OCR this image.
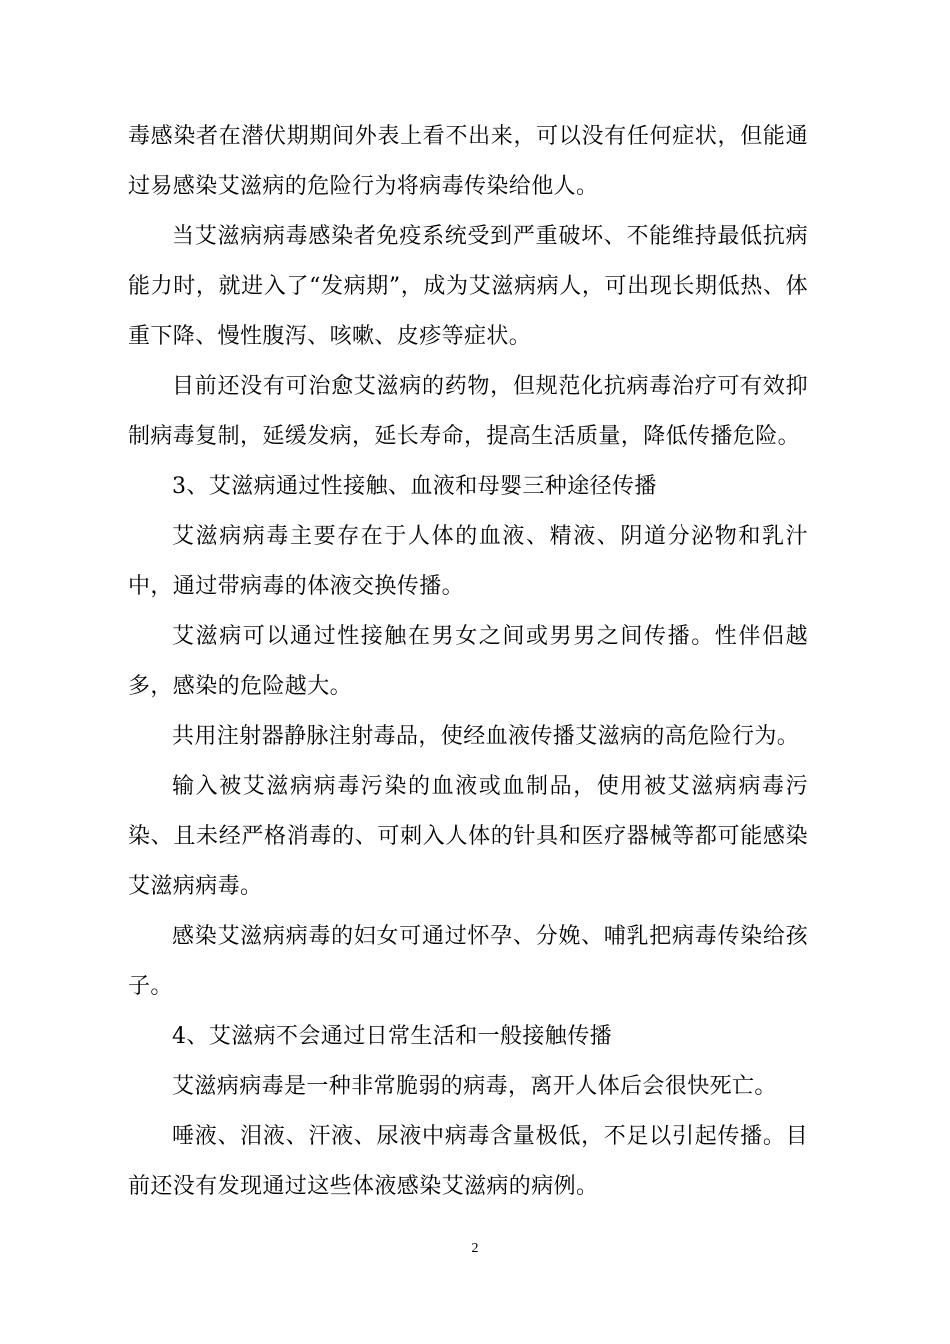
毒感染者在潜伏期期间外表上看不出来，可以没有任何症状，但能通过易感染艾滋病的危险行为将病毒传染给他人。

当艾滋病病毒感染者免疫系统受到严重破坏、不能维持最低抗病能力时，就进入了“发病期”，成为艾滋病病人，可出现长期低热、体重下降、慢性腹泻、咳嗽、皮疹等症状。

目前还没有可治愈艾滋病的药物，但规范化抗病毒治疗可有效抑制病毒复制，延缓发病，延长寿命，提高生活质量，降低传播危险。

3、艾滋病通过性接触、血液和母婴三种途径传播

艾滋病病毒主要存在于人体的血液、精液、阴道分泌物和乳汁中，通过带病毒的体液交换传播。

艾滋病可以通过性接触在男女之间或男男之间传播。性伴侣越多，感染的危险越大。

共用注射器静脉注射毒品，使经血液传播艾滋病的高危险行为。

输入被艾滋病病毒污染的血液或血制品，使用被艾滋病病毒污染、且未经严格消毒的、可刺入人体的针具和医疗器械等都可能感染艾滋病病毒。

感染艾滋病病毒的妇女可通过怀孕、分娩、哺乳把病毒传染给孩子。

4、艾滋病不会通过日常生活和一般接触传播

艾滋病病毒是一种非常脆弱的病毒，离开人体后会很快死亡。

唾液、泪液、汗液、尿液中病毒含量极低，不足以引起传播。目前还没有发现通过这些体液感染艾滋病的病例。

2
